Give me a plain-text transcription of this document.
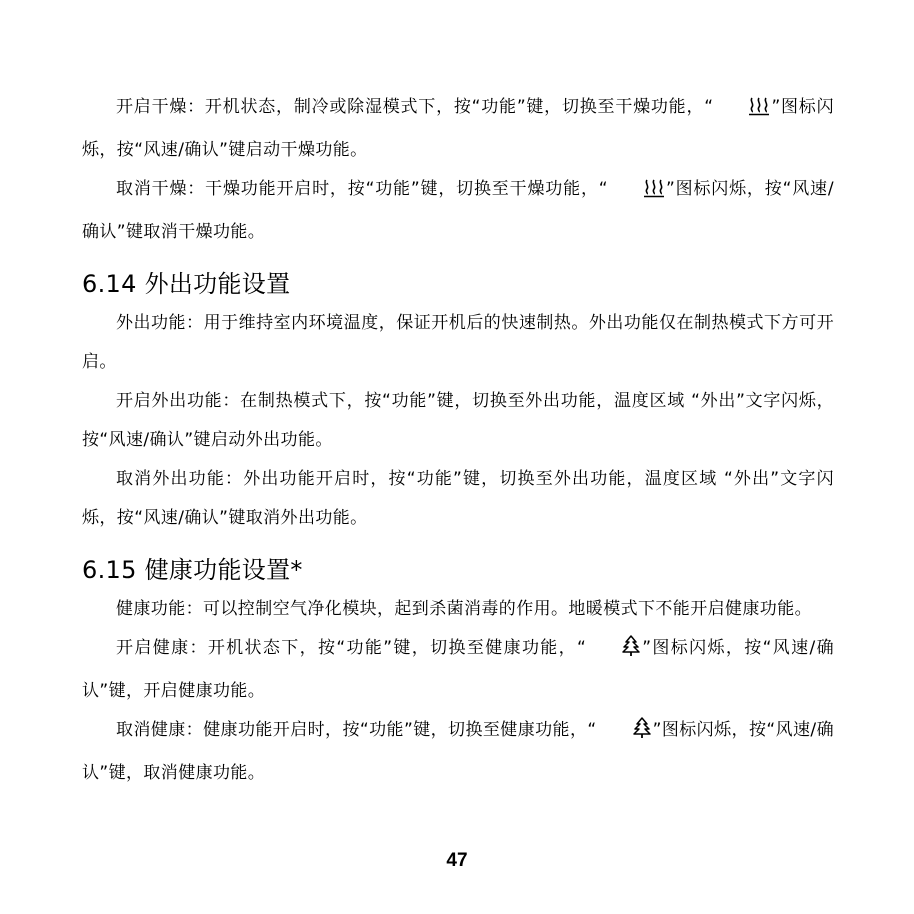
开启干燥：开机状态，制冷或除湿模式下，按“功能”键，切换至干燥功能，“	”图标闪烁，按“风速/确认”键启动干燥功能。

取消干燥：干燥功能开启时，按“功能”键，切换至干燥功能，“	”图标闪烁，按“风速/确认”键取消干燥功能。

6.14 外出功能设置

外出功能：用于维持室内环境温度，保证开机后的快速制热。外出功能仅在制热模式下方可开启。

开启外出功能：在制热模式下，按“功能”键，切换至外出功能，温度区域 “外出”文字闪烁，按“风速/确认”键启动外出功能。

取消外出功能：外出功能开启时，按“功能”键，切换至外出功能，温度区域 “外出”文字闪烁，按“风速/确认”键取消外出功能。

6.15 健康功能设置*

健康功能：可以控制空气净化模块，起到杀菌消毒的作用。地暖模式下不能开启健康功能。

开启健康：开机状态下，按“功能”键，切换至健康功能，“	”图标闪烁，按“风速/确认”键，开启健康功能。

取消健康：健康功能开启时，按“功能”键，切换至健康功能，“	”图标闪烁，按“风速/确认”键，取消健康功能。

47
